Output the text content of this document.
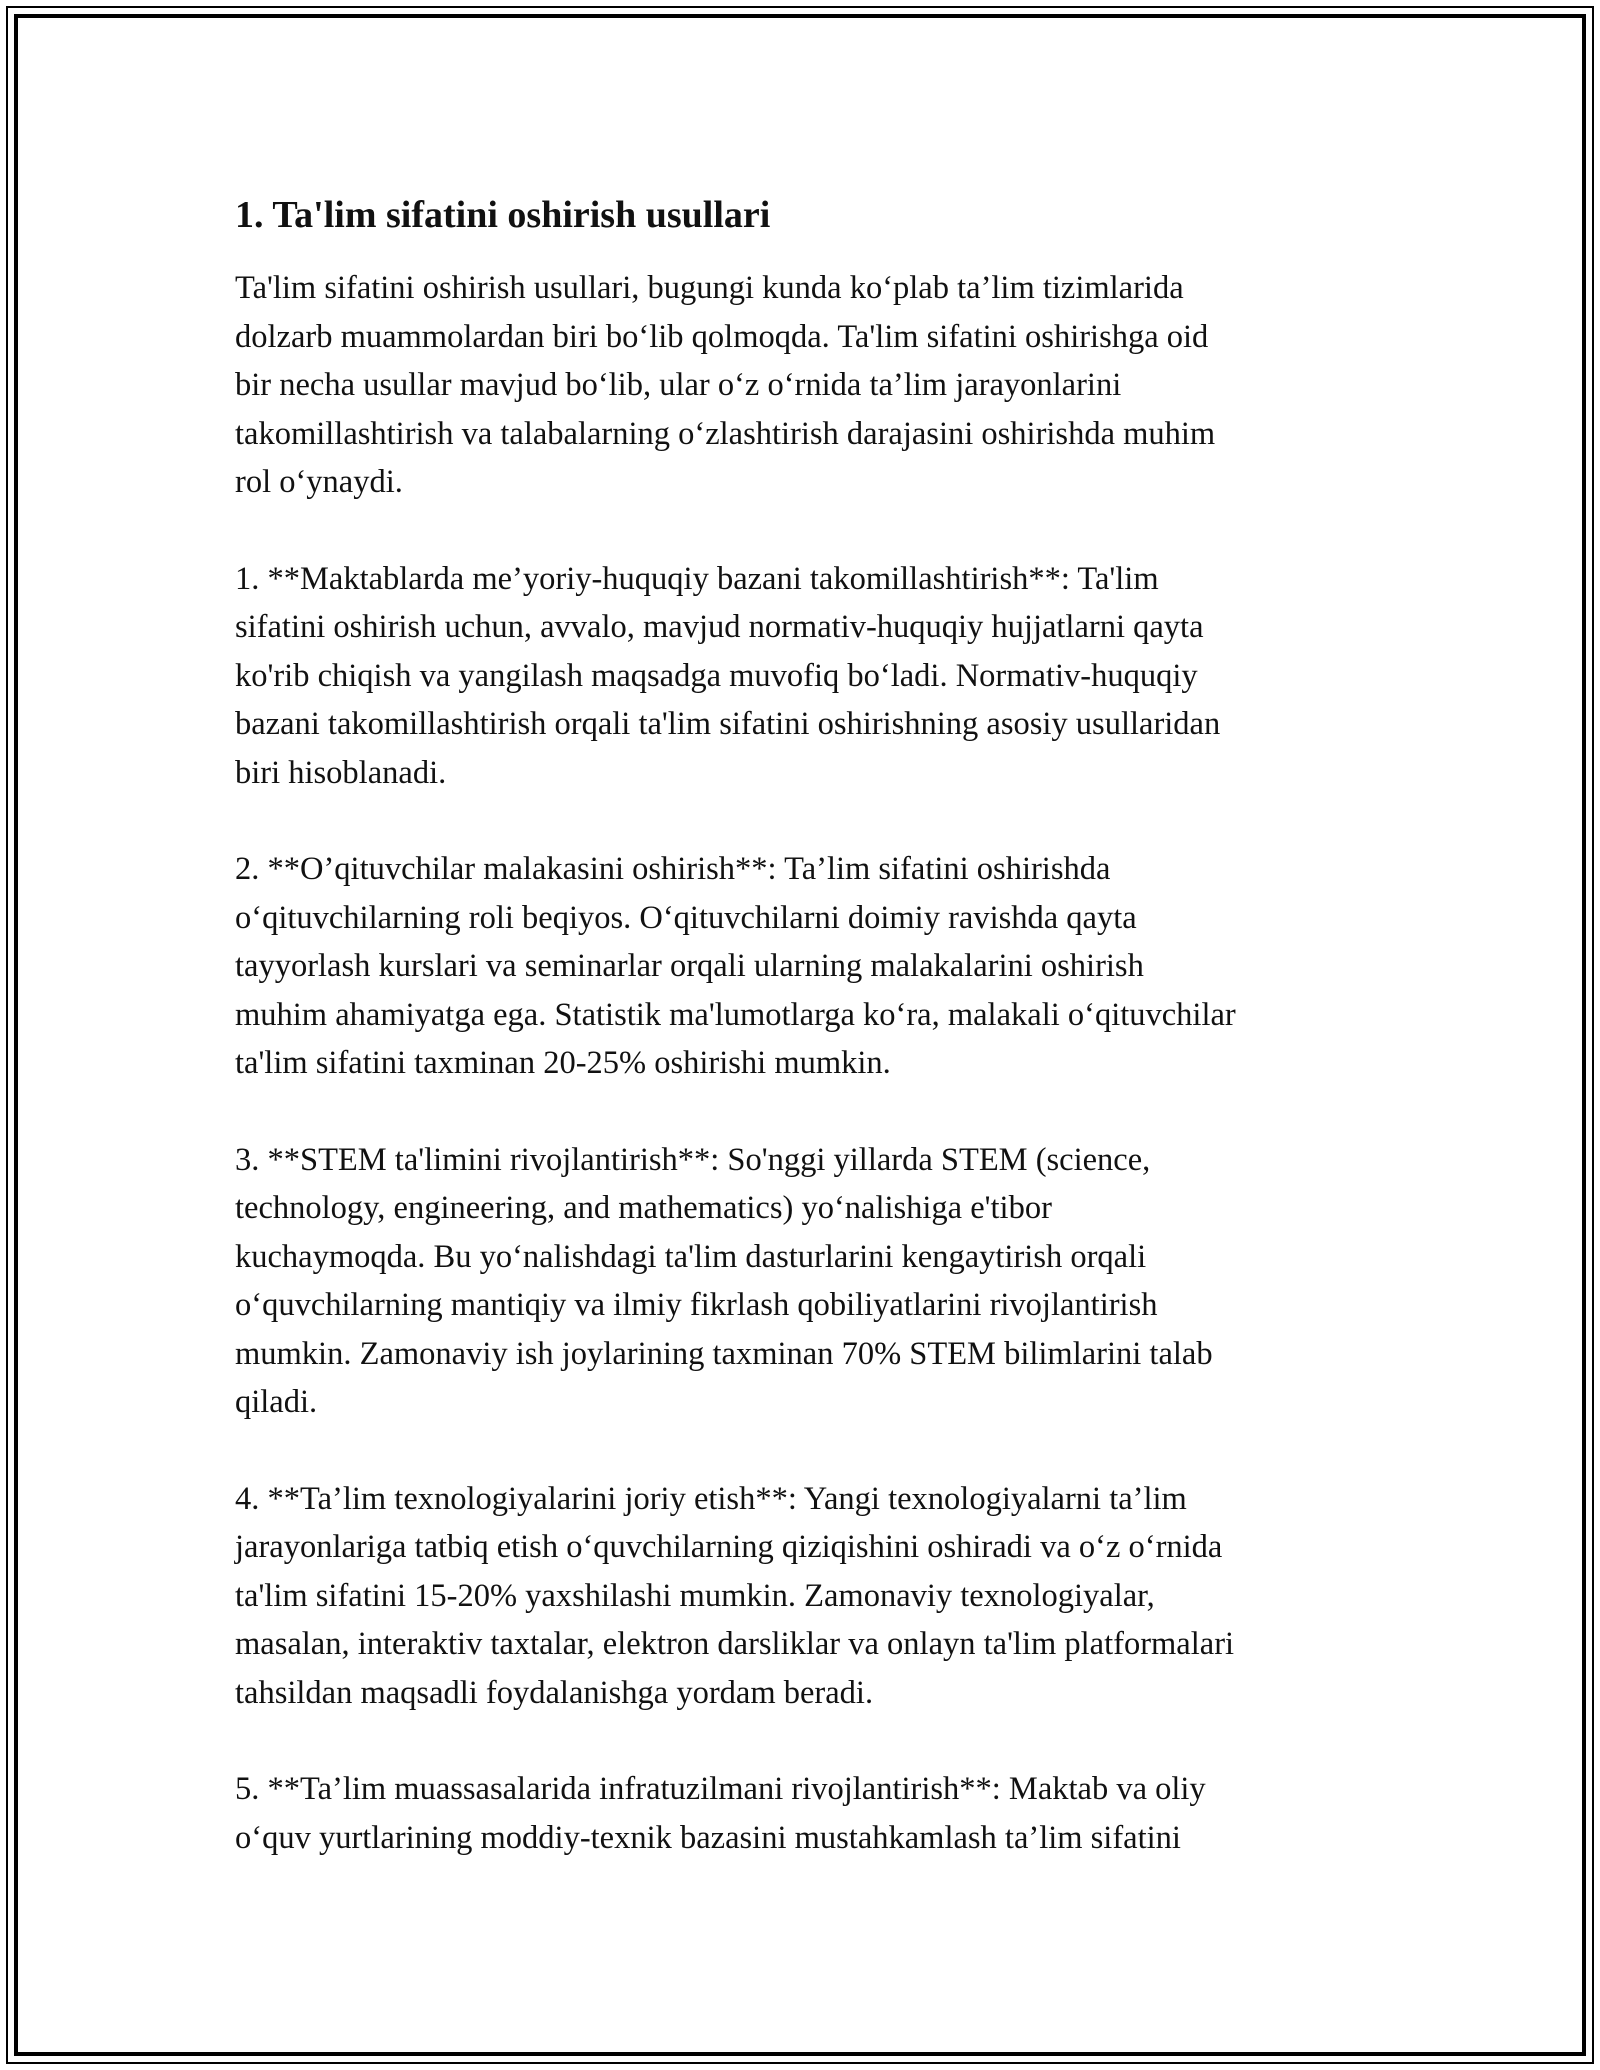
1. Ta'lim sifatini oshirish usullari

Ta'lim sifatini oshirish usullari, bugungi kunda koʻplab ta’lim tizimlarida
dolzarb muammolardan biri boʻlib qolmoqda. Ta'lim sifatini oshirishga oid
bir necha usullar mavjud boʻlib, ular oʻz oʻrnida ta’lim jarayonlarini
takomillashtirish va talabalarning oʻzlashtirish darajasini oshirishda muhim
rol oʻynaydi.

1. **Maktablarda me’yoriy-huquqiy bazani takomillashtirish**: Ta'lim
sifatini oshirish uchun, avvalo, mavjud normativ-huquqiy hujjatlarni qayta
ko'rib chiqish va yangilash maqsadga muvofiq boʻladi. Normativ-huquqiy
bazani takomillashtirish orqali ta'lim sifatini oshirishning asosiy usullaridan
biri hisoblanadi.

2. **O’qituvchilar malakasini oshirish**: Ta’lim sifatini oshirishda
oʻqituvchilarning roli beqiyos. Oʻqituvchilarni doimiy ravishda qayta
tayyorlash kurslari va seminarlar orqali ularning malakalarini oshirish
muhim ahamiyatga ega. Statistik ma'lumotlarga koʻra, malakali oʻqituvchilar
ta'lim sifatini taxminan 20-25% oshirishi mumkin.

3. **STEM ta'limini rivojlantirish**: So'nggi yillarda STEM (science,
technology, engineering, and mathematics) yoʻnalishiga e'tibor
kuchaymoqda. Bu yoʻnalishdagi ta'lim dasturlarini kengaytirish orqali
oʻquvchilarning mantiqiy va ilmiy fikrlash qobiliyatlarini rivojlantirish
mumkin. Zamonaviy ish joylarining taxminan 70% STEM bilimlarini talab
qiladi.

4. **Ta’lim texnologiyalarini joriy etish**: Yangi texnologiyalarni ta’lim
jarayonlariga tatbiq etish oʻquvchilarning qiziqishini oshiradi va oʻz oʻrnida
ta'lim sifatini 15-20% yaxshilashi mumkin. Zamonaviy texnologiyalar,
masalan, interaktiv taxtalar, elektron darsliklar va onlayn ta'lim platformalari
tahsildan maqsadli foydalanishga yordam beradi.

5. **Ta’lim muassasalarida infratuzilmani rivojlantirish**: Maktab va oliy
oʻquv yurtlarining moddiy-texnik bazasini mustahkamlash ta’lim sifatini
